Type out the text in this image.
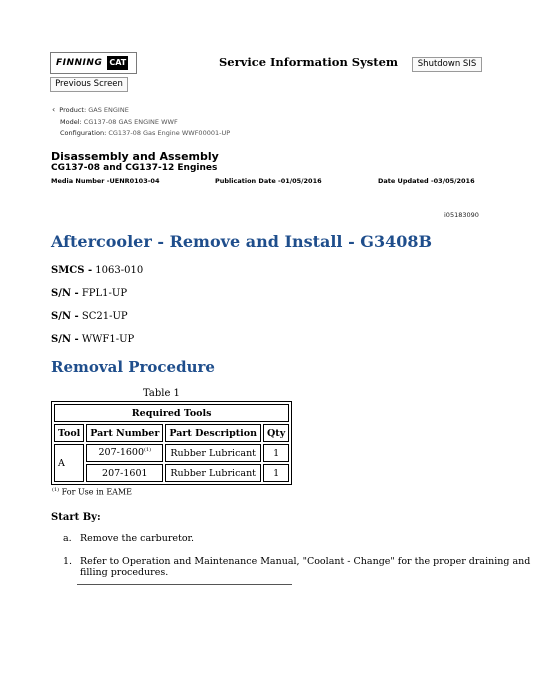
FINNING CAT
Previous Screen
Service Information System	Shutdown SIS
‹ Product: GAS ENGINE
Model: CG137-08 GAS ENGINE WWF
Configuration: CG137-08 Gas Engine WWF00001-UP
Disassembly and Assembly
CG137-08 and CG137-12 Engines
Media Number -UENR0103-04	Publication Date -01/05/2016	Date Updated -03/05/2016
i05183090
Aftercooler - Remove and Install - G3408B
SMCS - 1063-010
S/N - FPL1-UP
S/N - SC21-UP
S/N - WWF1-UP
Removal Procedure
Table 1
Required Tools			
Tool	Part Number	Part Description	Qty
A	207-1600$^{(1)}$	Rubber Lubricant	1
	207-1601	Rubber Lubricant	1
$^{(1)}$ For Use in EAME
Start By:
a. Remove the carburetor.
1. Refer to Operation and Maintenance Manual, "Coolant - Change" for the proper draining and
filling procedures.
